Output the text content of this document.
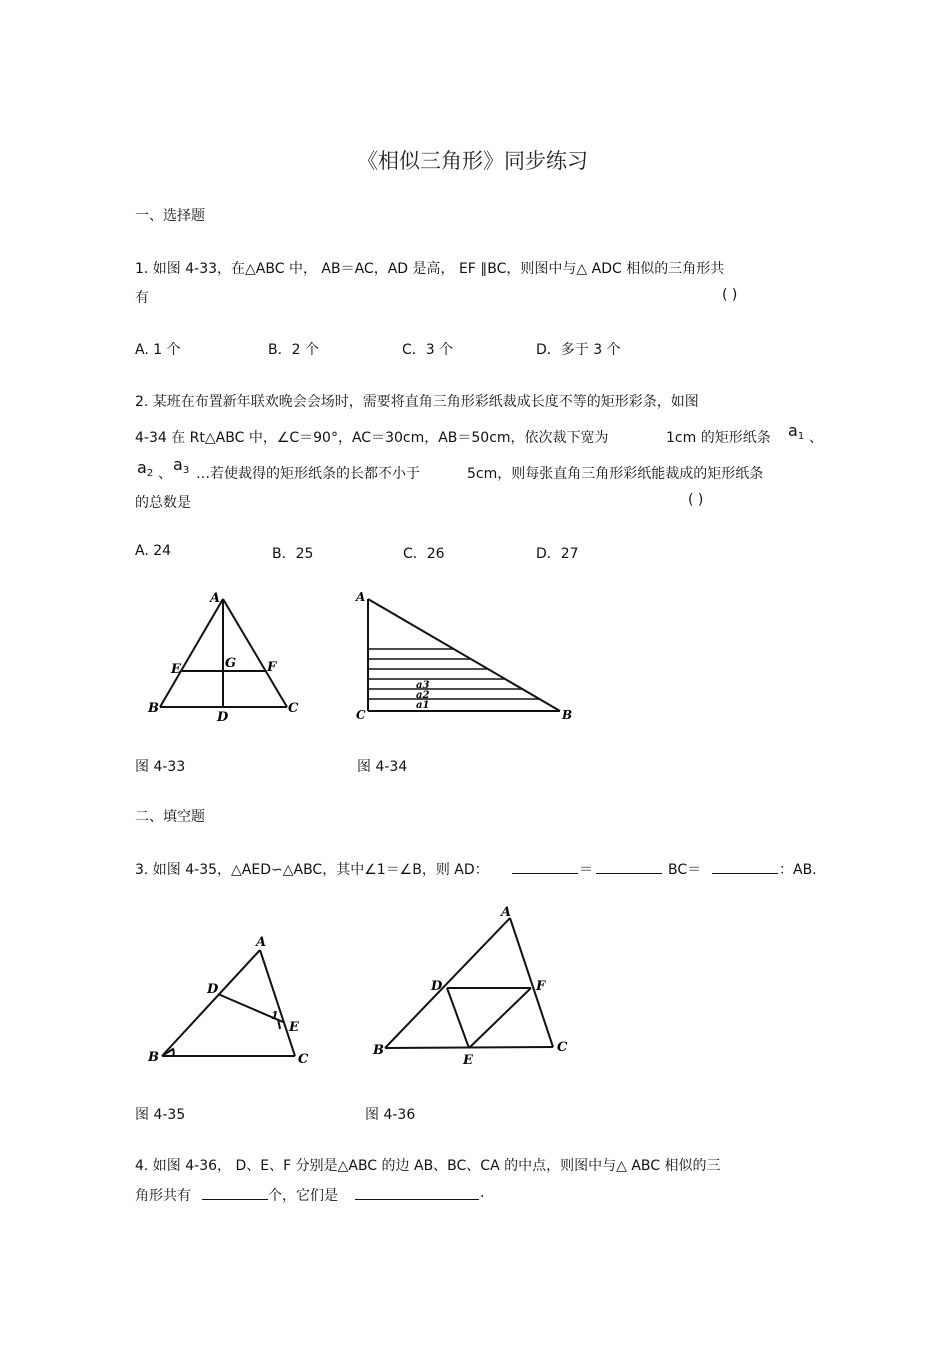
《相似三角形》同步练习
一、选择题
1. 如图 4-33，在△ABC 中， AB＝AC，AD 是高， EF ∥BC，则图中与△ ADC 相似的三角形共
有	( )
A. 1 个	B．2 个	C．3 个	D．多于 3 个
2. 某班在布置新年联欢晚会会场时，需要将直角三角形彩纸裁成长度不等的矩形彩条，如图
4-34 在 Rt△ABC 中，∠C＝90°，AC＝30cm，AB＝50cm，依次裁下宽为	1cm 的矩形纸条 a1 、
a2 、 a3 …若使裁得的矩形纸条的长都不小于	5cm，则每张直角三角形彩纸能裁成的矩形纸条
的总数是	( )
A. 24	B．25	C．26	D．27
A
B	C
D
E	F
G
A
C	B
a3
a2
a1
图 4-33	图 4-34
二、填空题
3. 如图 4-35，△AED∽△ABC，其中∠1＝∠B，则 AD：	＝	BC＝	：AB.
A
B	C
D
E
1
A
B	C
D
E
F
图 4-35	图 4-36
4. 如图 4-36， D、E、F 分别是△ABC 的边 AB、BC、CA 的中点，则图中与△ ABC 相似的三
角形共有	个，它们是	.
